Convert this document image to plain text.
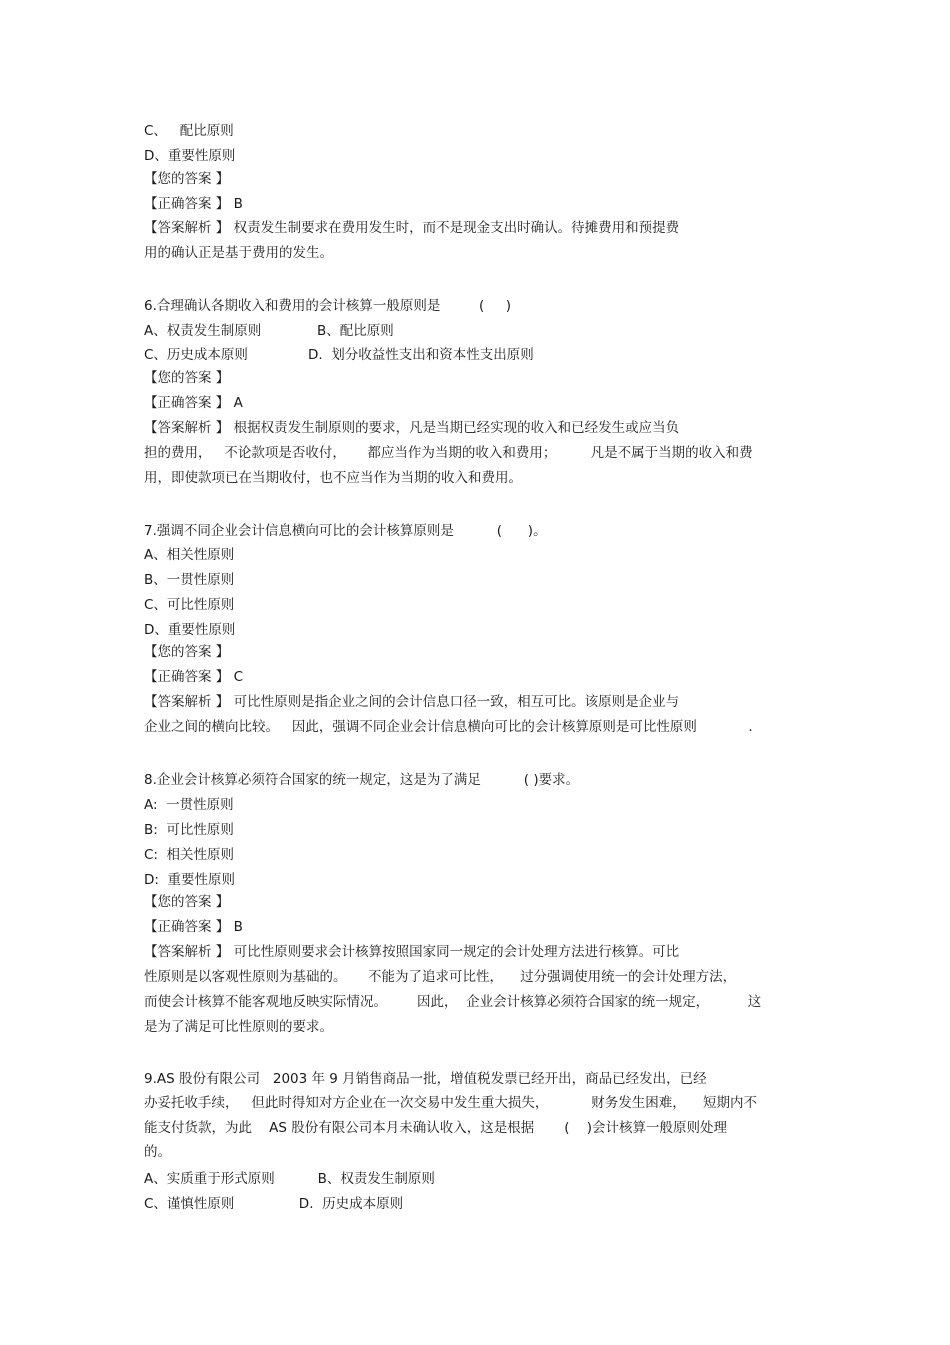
C、   配比原则
D、重要性原则
【您的答案 】
【正确答案 】 B
【答案解析 】 权责发生制要求在费用发生时，而不是现金支出时确认。待摊费用和预提费
用的确认正是基于费用的发生。
6.合理确认各期收入和费用的会计核算一般原则是         (     )
A、权责发生制原则             B、配比原则
C、历史成本原则              D.  划分收益性支出和资本性支出原则
【您的答案 】
【正确答案 】 A
【答案解析 】 根据权责发生制原则的要求，凡是当期已经实现的收入和已经发生或应当负
担的费用，   不论款项是否收付，     都应当作为当期的收入和费用；        凡是不属于当期的收入和费
用，即使款项已在当期收付，也不应当作为当期的收入和费用。
7.强调不同企业会计信息横向可比的会计核算原则是          (      )。
A、相关性原则
B、一贯性原则
C、可比性原则
D、重要性原则
【您的答案 】
【正确答案 】 C
【答案解析 】 可比性原则是指企业之间的会计信息口径一致，相互可比。该原则是企业与
企业之间的横向比较。   因此，强调不同企业会计信息横向可比的会计核算原则是可比性原则            .
8.企业会计核算必须符合国家的统一规定，这是为了满足          ( )要求。
A:  一贯性原则
B:  可比性原则
C:  相关性原则
D:  重要性原则
【您的答案 】
【正确答案 】 B
【答案解析 】 可比性原则要求会计核算按照国家同一规定的会计处理方法进行核算。可比
性原则是以客观性原则为基础的。     不能为了追求可比性，    过分强调使用统一的会计处理方法，
而使会计核算不能客观地反映实际情况。       因此，  企业会计核算必须符合国家的统一规定，         这
是为了满足可比性原则的要求。
9.AS 股份有限公司   2003 年 9 月销售商品一批，增值税发票已经开出，商品已经发出，已经
办妥托收手续，   但此时得知对方企业在一次交易中发生重大损失，          财务发生困难，    短期内不
能支付货款，为此    AS 股份有限公司本月未确认收入，这是根据       (    )会计核算一般原则处理
的。
A、实质重于形式原则          B、权责发生制原则
C、谨慎性原则               D.  历史成本原则
